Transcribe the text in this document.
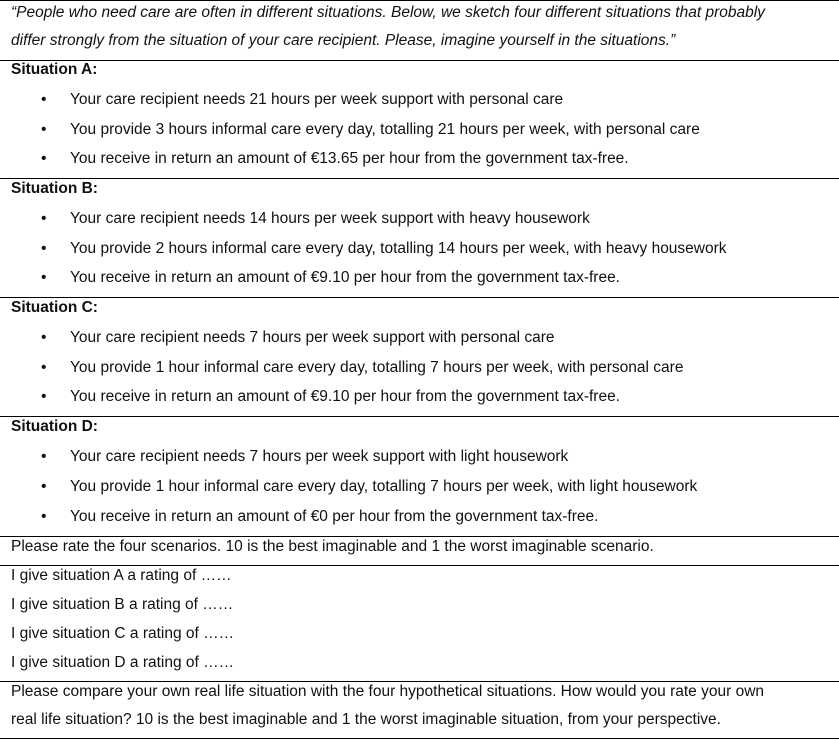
“People who need care are often in different situations. Below, we sketch four different situations that probably
differ strongly from the situation of your care recipient. Please, imagine yourself in the situations.”
Situation A:
• Your care recipient needs 21 hours per week support with personal care
• You provide 3 hours informal care every day, totalling 21 hours per week, with personal care
• You receive in return an amount of €13.65 per hour from the government tax-free.
Situation B:
• Your care recipient needs 14 hours per week support with heavy housework
• You provide 2 hours informal care every day, totalling 14 hours per week, with heavy housework
• You receive in return an amount of €9.10 per hour from the government tax-free.
Situation C:
• Your care recipient needs 7 hours per week support with personal care
• You provide 1 hour informal care every day, totalling 7 hours per week, with personal care
• You receive in return an amount of €9.10 per hour from the government tax-free.
Situation D:
• Your care recipient needs 7 hours per week support with light housework
• You provide 1 hour informal care every day, totalling 7 hours per week, with light housework
• You receive in return an amount of €0 per hour from the government tax-free.
Please rate the four scenarios. 10 is the best imaginable and 1 the worst imaginable scenario.
I give situation A a rating of ……
I give situation B a rating of ……
I give situation C a rating of ……
I give situation D a rating of ……
Please compare your own real life situation with the four hypothetical situations. How would you rate your own
real life situation? 10 is the best imaginable and 1 the worst imaginable situation, from your perspective.
